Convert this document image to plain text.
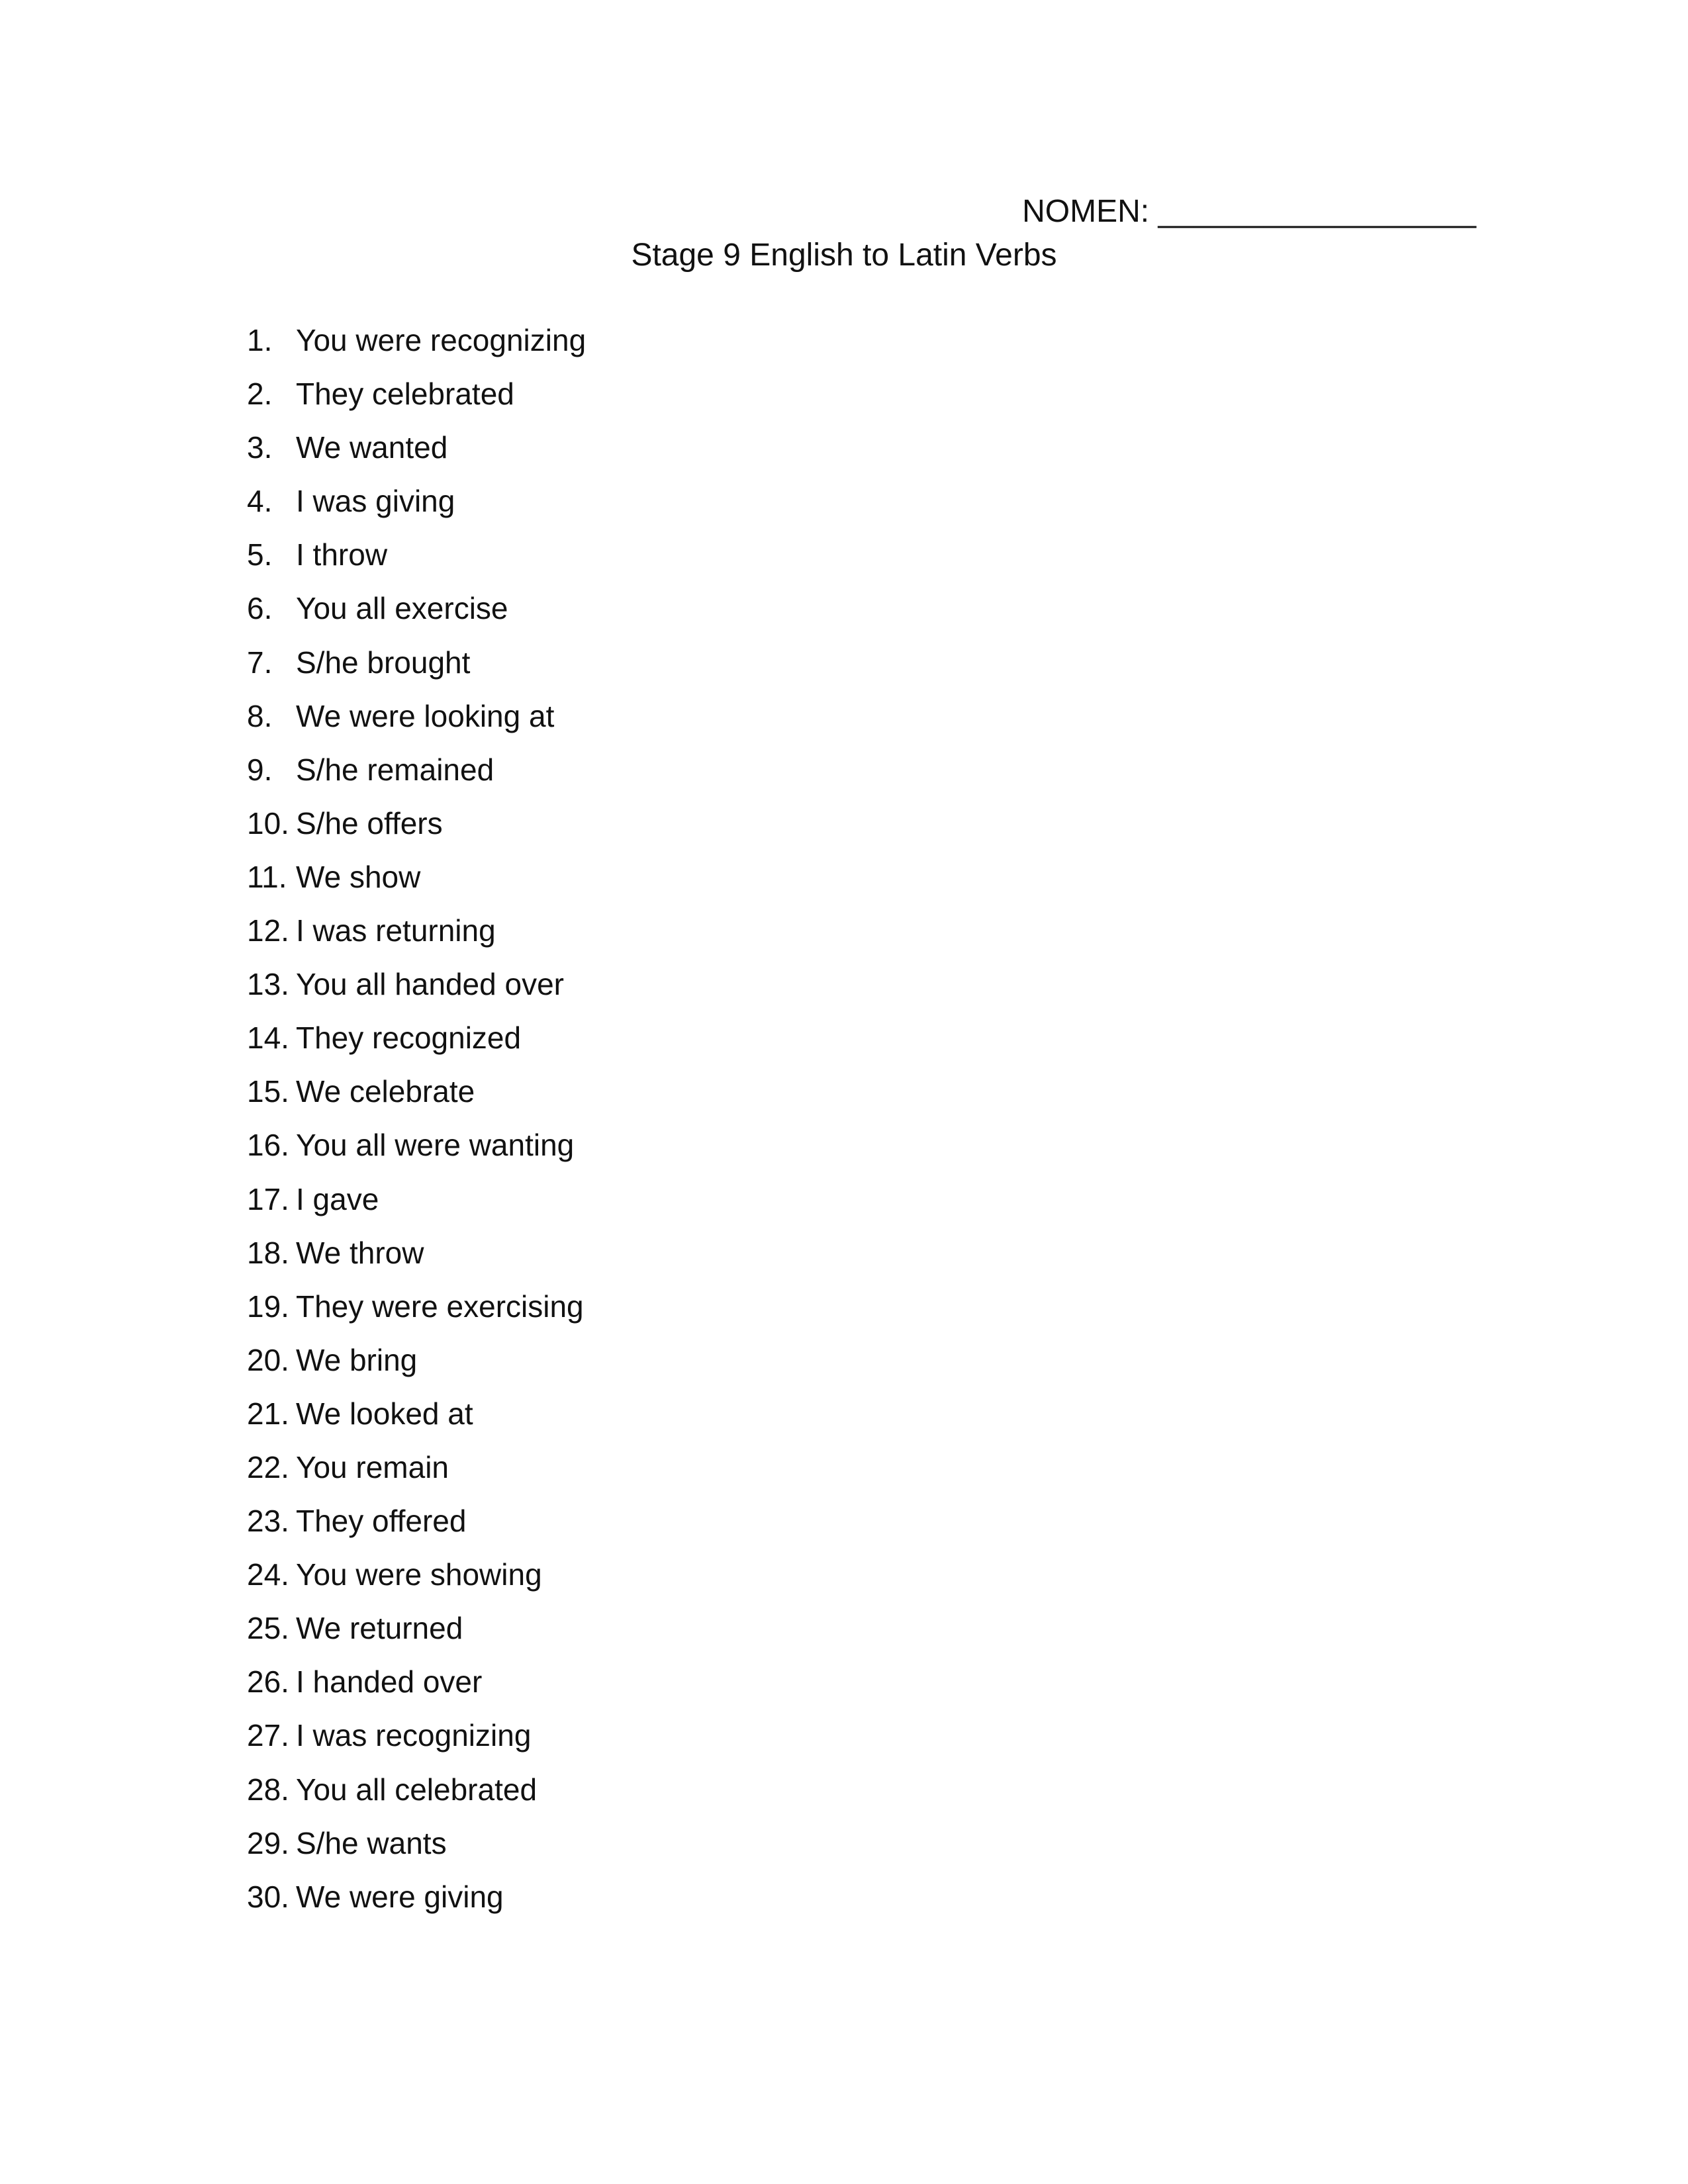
NOMEN: __________________
Stage 9 English to Latin Verbs
1. You were recognizing
2. They celebrated
3. We wanted
4. I was giving
5. I throw
6. You all exercise
7. S/he brought
8. We were looking at
9. S/he remained
10. S/he offers
11. We show
12. I was returning
13. You all handed over
14. They recognized
15. We celebrate
16. You all were wanting
17. I gave
18. We throw
19. They were exercising
20. We bring
21. We looked at
22. You remain
23. They offered
24. You were showing
25. We returned
26. I handed over
27. I was recognizing
28. You all celebrated
29. S/he wants
30. We were giving
